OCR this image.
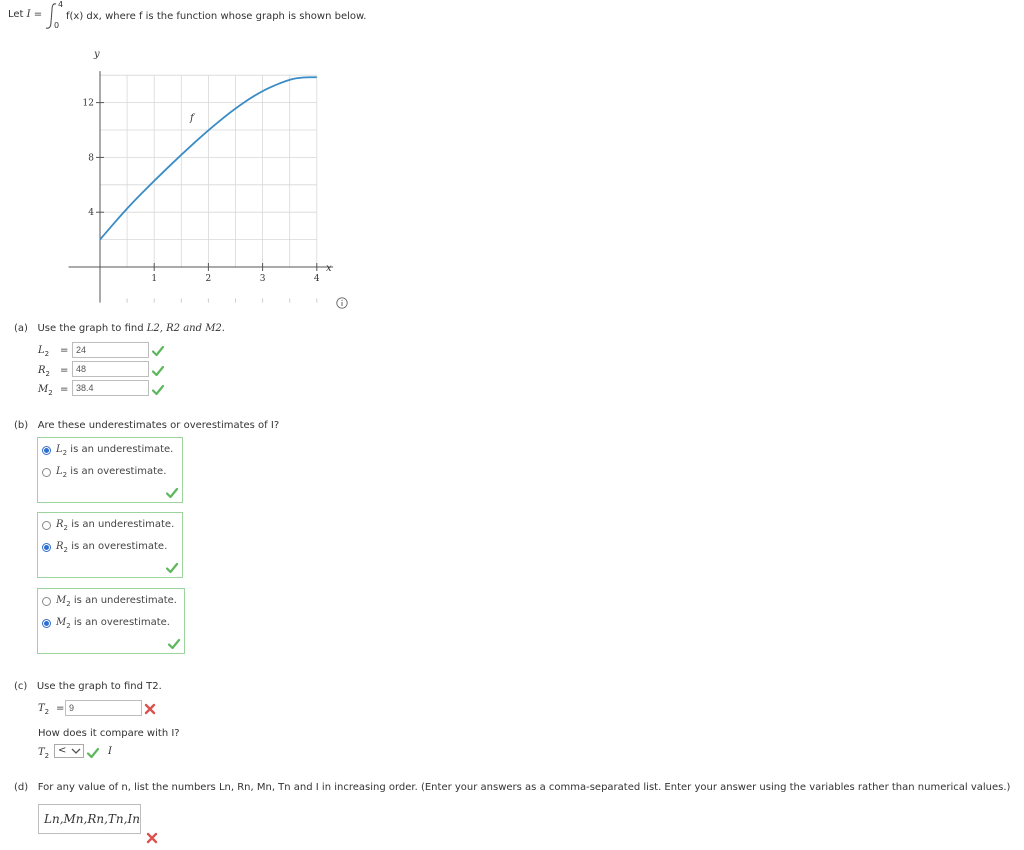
Let I =
4
0
f(x) dx, where f is the function whose graph is shown below.
1	2	3	4
4
8
12
y
x
f
(a) Use the graph to find L2, R2 and M2.
$L_2 = 24$
$R_2 = 48$
$M_2 = 38.4$
(b) Are these underestimates or overestimates of I?
$L_2$ is an underestimate.
$L_2$ is an overestimate.
$R_2$ is an underestimate.
$R_2$ is an overestimate.
$M_2$ is an underestimate.
$M_2$ is an overestimate.
(c) Use the graph to find T2.
$T_2 = 9$
How does it compare with I?
$T_2$ <	I
(d) For any value of n, list the numbers Ln, Rn, Mn, Tn and I in increasing order. (Enter your answers as a comma-separated list. Enter your answer using the variables rather than numerical values.)
Ln,Mn,Rn,Tn,In
